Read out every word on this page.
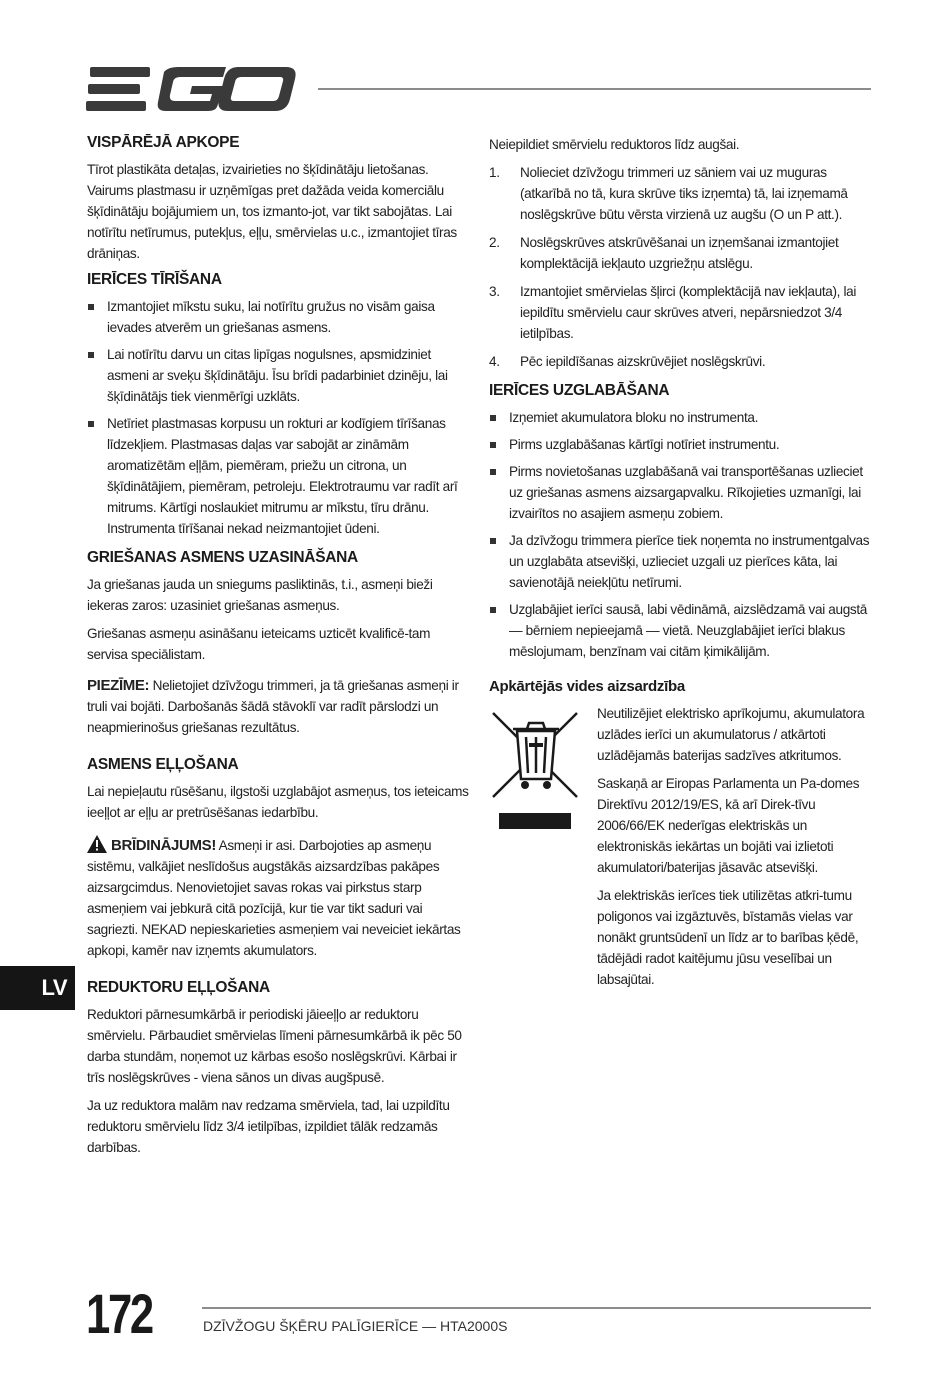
VISPĀRĒJĀ APKOPE

Tīrot plastikāta detaļas, izvairieties no šķīdinātāju lietošanas. Vairums plastmasu ir uzņēmīgas pret dažāda veida komerciālu šķīdinātāju bojājumiem un, tos izmanto-jot, var tikt sabojātas. Lai notīrītu netīrumus, putekļus, eļļu, smērvielas u.c., izmantojiet tīras drāniņas.

IERĪCES TĪRĪŠANA
Izmantojiet mīkstu suku, lai notīrītu gružus no visām gaisa ievades atverēm un griešanas asmens.
Lai notīrītu darvu un citas lipīgas nogulsnes, apsmidziniet asmeni ar sveķu šķīdinātāju. Īsu brīdi padarbiniet dzinēju, lai šķīdinātājs tiek vienmērīgi uzklāts.
Netīriet plastmasas korpusu un rokturi ar kodīgiem tīrīšanas līdzekļiem. Plastmasas daļas var sabojāt ar zināmām aromatizētām eļļām, piemēram, priežu un citrona, un šķīdinātājiem, piemēram, petroleju. Elektrotraumu var radīt arī mitrums. Kārtīgi noslaukiet mitrumu ar mīkstu, tīru drānu. Instrumenta tīrīšanai nekad neizmantojiet ūdeni.
GRIEŠANAS ASMENS UZASINĀŠANA

Ja griešanas jauda un sniegums pasliktinās, t.i., asmeņi bieži iekeras zaros: uzasiniet griešanas asmeņus.

Griešanas asmeņu asināšanu ieteicams uzticēt kvalificē-tam servisa speciālistam.

PIEZĪME: Nelietojiet dzīvžogu trimmeri, ja tā griešanas asmeņi ir truli vai bojāti. Darbošanās šādā stāvoklī var radīt pārslodzi un neapmierinošus griešanas rezultātus.

ASMENS EĻĻOŠANA

Lai nepieļautu rūsēšanu, ilgstoši uzglabājot asmeņus, tos ieteicams ieeļļot ar eļļu ar pretrūsēšanas iedarbību.

BRĪDINĀJUMS! Asmeņi ir asi. Darbojoties ap asmeņu sistēmu, valkājiet neslīdošus augstākās aizsardzības pakāpes aizsargcimdus. Nenovietojiet savas rokas vai pirkstus starp asmeņiem vai jebkurā citā pozīcijā, kur tie var tikt saduri vai sagriezti. NEKAD nepieskarieties asmeņiem vai neveiciet iekārtas apkopi, kamēr nav izņemts akumulators.

REDUKTORU EĻĻOŠANA

Reduktori pārnesumkārbā ir periodiski jāieeļļo ar reduktoru smērvielu. Pārbaudiet smērvielas līmeni pārnesumkārbā ik pēc 50 darba stundām, noņemot uz kārbas esošo noslēgskrūvi. Kārbai ir trīs noslēgskrūves - viena sānos un divas augšpusē.

Ja uz reduktora malām nav redzama smērviela, tad, lai uzpildītu reduktoru smērvielu līdz 3/4 ietilpības, izpildiet tālāk redzamās darbības.

Neiepildiet smērvielu reduktoros līdz augšai.

1.	Nolieciet dzīvžogu trimmeri uz sāniem vai uz muguras (atkarībā no tā, kura skrūve tiks izņemta) tā, lai izņemamā noslēgskrūve būtu vērsta virzienā uz augšu (O un P att.).
2.	Noslēgskrūves atskrūvēšanai un izņemšanai izmantojiet komplektācijā iekļauto uzgriežņu atslēgu.
3.	Izmantojiet smērvielas šļirci (komplektācijā nav iekļauta), lai iepildītu smērvielu caur skrūves atveri, nepārsniedzot 3/4 ietilpības.
4.	Pēc iepildīšanas aizskrūvējiet noslēgskrūvi.
IERĪCES UZGLABĀŠANA
Izņemiet akumulatora bloku no instrumenta.
Pirms uzglabāšanas kārtīgi notīriet instrumentu.
Pirms novietošanas uzglabāšanā vai transportēšanas uzlieciet uz griešanas asmens aizsargapvalku. Rīkojieties uzmanīgi, lai izvairītos no asajiem asmeņu zobiem.
Ja dzīvžogu trimmera pierīce tiek noņemta no instrumentgalvas un uzglabāta atsevišķi, uzlieciet uzgali uz pierīces kāta, lai savienotājā neiekļūtu netīrumi.
Uzglabājiet ierīci sausā, labi vēdināmā, aizslēdzamā vai augstā — bērniem nepieejamā — vietā. Neuzglabājiet ierīci blakus mēslojumam, benzīnam vai citām ķimikālijām.
Apkārtējās vides aizsardzība

Neutilizējiet elektrisko aprīkojumu, akumulatora uzlādes ierīci un akumulatorus / atkārtoti uzlādējamās baterijas sadzīves atkritumos.

Saskaņā ar Eiropas Parlamenta un Pa-domes Direktīvu 2012/19/ES, kā arī Direk-tīvu 2006/66/EK nederīgas elektriskās un elektroniskās iekārtas un bojāti vai izlietoti akumulatori/baterijas jāsavāc atsevišķi.

Ja elektriskās ierīces tiek utilizētas atkri-tumu poligonos vai izgāztuvēs, bīstamās vielas var nonākt gruntsūdenī un līdz ar to barības ķēdē, tādējādi radot kaitējumu jūsu veselībai un labsajūtai.

LV
172	DZĪVŽOGU ŠĶĒRU PALĪGIERĪCE — HTA2000S
